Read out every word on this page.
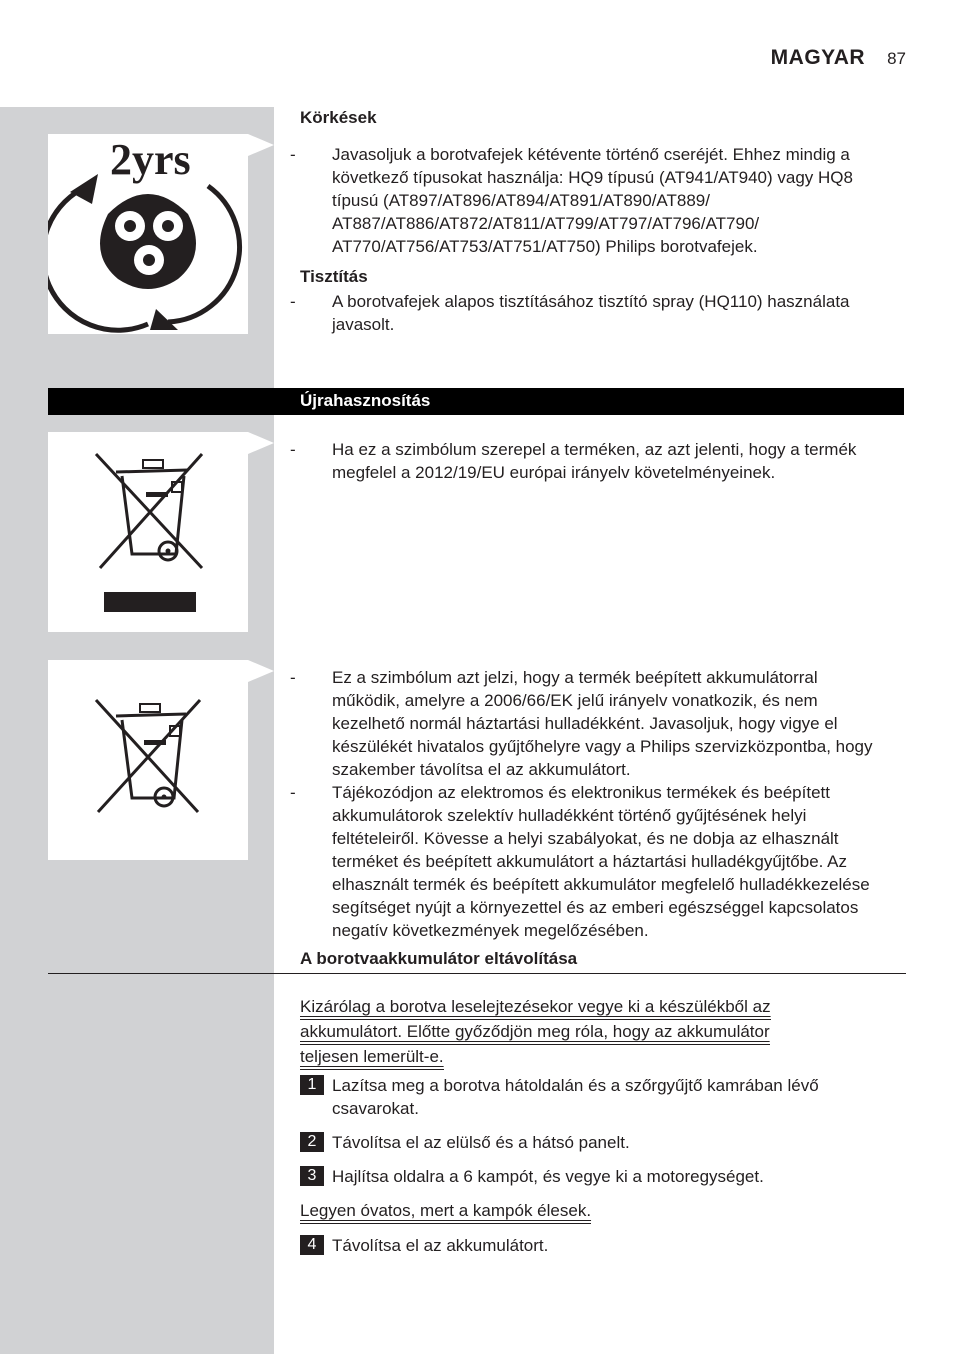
MAGYAR 87
2yrs
Körkések
- Javasoljuk a borotvafejek kétévente történő cseréjét. Ehhez mindig a következő típusokat használja: HQ9 típusú (AT941/AT940) vagy HQ8 típusú (AT897/AT896/AT894/AT891/AT890/AT889/ AT887/AT886/AT872/AT811/AT799/AT797/AT796/AT790/ AT770/AT756/AT753/AT751/AT750) Philips borotvafejek.
Tisztítás
- A borotvafejek alapos tisztításához tisztító spray (HQ110) használata javasolt.
Újrahasznosítás
- Ha ez a szimbólum szerepel a terméken, az azt jelenti, hogy a termék megfelel a 2012/19/EU európai irányelv követelményeinek.
- Ez a szimbólum azt jelzi, hogy a termék beépített akkumulátorral működik, amelyre a 2006/66/EK jelű irányelv vonatkozik, és nem kezelhető normál háztartási hulladékként. Javasoljuk, hogy vigye el készülékét hivatalos gyűjtőhelyre vagy a Philips szervizközpontba, hogy szakember távolítsa el az akkumulátort.
- Tájékozódjon az elektromos és elektronikus termékek és beépített akkumulátorok szelektív hulladékként történő gyűjtésének helyi feltételeiről. Kövesse a helyi szabályokat, és ne dobja az elhasznált terméket és beépített akkumulátort a háztartási hulladékgyűjtőbe. Az elhasznált termék és beépített akkumulátor megfelelő hulladékkezelése segítséget nyújt a környezettel és az emberi egészséggel kapcsolatos negatív következmények megelőzésében.
A borotvaakkumulátor eltávolítása
Kizárólag a borotva leselejtezésekor vegye ki a készülékből az
akkumulátort. Előtte győződjön meg róla, hogy az akkumulátor
teljesen lemerült-e.
1 Lazítsa meg a borotva hátoldalán és a szőrgyűjtő kamrában lévő csavarokat.
2 Távolítsa el az elülső és a hátsó panelt.
3 Hajlítsa oldalra a 6 kampót, és vegye ki a motoregységet.
Legyen óvatos, mert a kampók élesek.
4 Távolítsa el az akkumulátort.
